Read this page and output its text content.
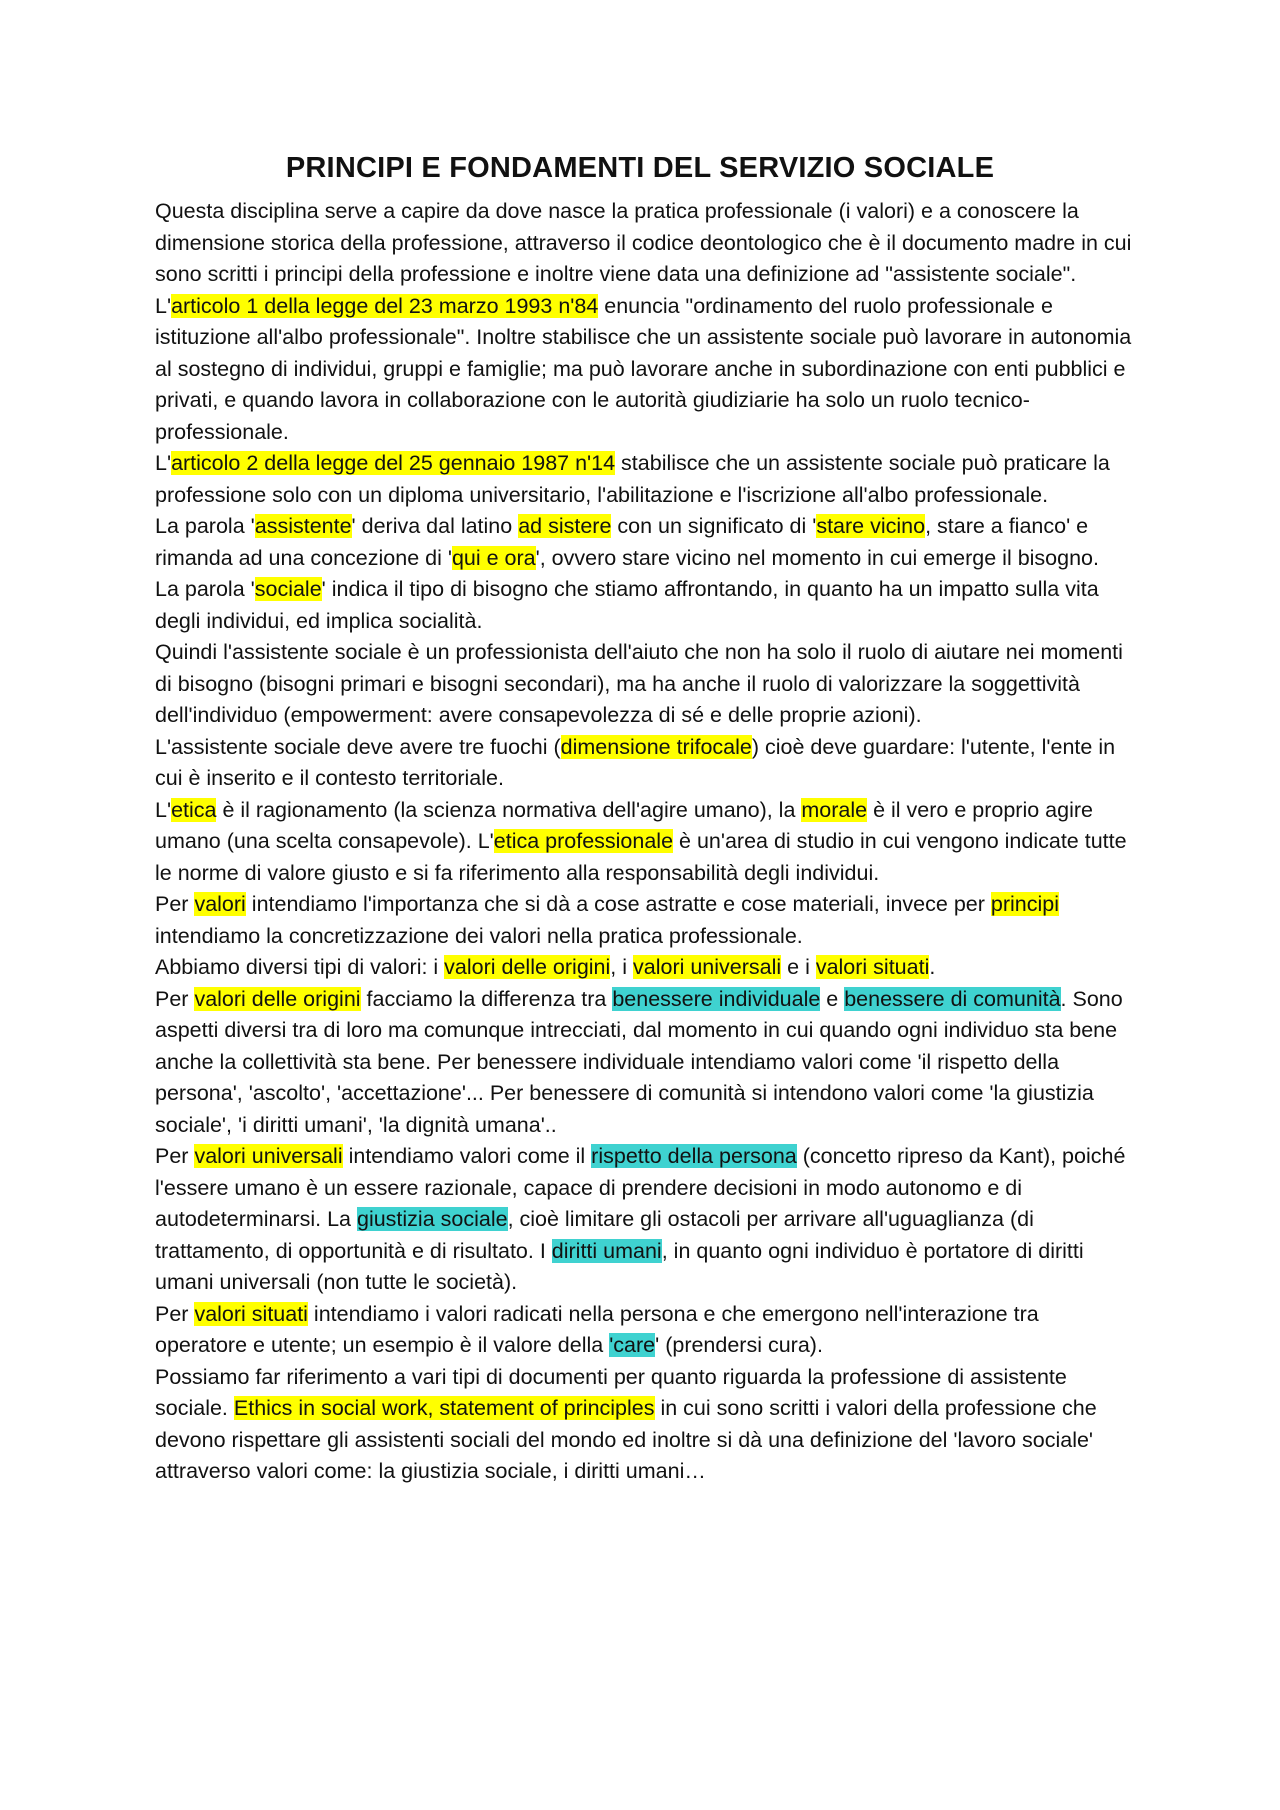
PRINCIPI E FONDAMENTI DEL SERVIZIO SOCIALE

Questa disciplina serve a capire da dove nasce la pratica professionale (i valori) e a conoscere la dimensione storica della professione, attraverso il codice deontologico che è il documento madre in cui sono scritti i principi della professione e inoltre viene data una definizione ad "assistente sociale". L'articolo 1 della legge del 23 marzo 1993 n'84 enuncia "ordinamento del ruolo professionale e istituzione all'albo professionale". Inoltre stabilisce che un assistente sociale può lavorare in autonomia al sostegno di individui, gruppi e famiglie; ma può lavorare anche in subordinazione con enti pubblici e privati, e quando lavora in collaborazione con le autorità giudiziarie ha solo un ruolo tecnico-professionale.

L'articolo 2 della legge del 25 gennaio 1987 n'14 stabilisce che un assistente sociale può praticare la professione solo con un diploma universitario, l'abilitazione e l'iscrizione all'albo professionale.

La parola 'assistente' deriva dal latino ad sistere con un significato di 'stare vicino, stare a fianco' e rimanda ad una concezione di 'qui e ora', ovvero stare vicino nel momento in cui emerge il bisogno.

La parola 'sociale' indica il tipo di bisogno che stiamo affrontando, in quanto ha un impatto sulla vita degli individui, ed implica socialità.

Quindi l'assistente sociale è un professionista dell'aiuto che non ha solo il ruolo di aiutare nei momenti di bisogno (bisogni primari e bisogni secondari), ma ha anche il ruolo di valorizzare la soggettività dell'individuo (empowerment: avere consapevolezza di sé e delle proprie azioni).

L'assistente sociale deve avere tre fuochi (dimensione trifocale) cioè deve guardare: l'utente, l'ente in cui è inserito e il contesto territoriale.

L'etica è il ragionamento (la scienza normativa dell'agire umano), la morale è il vero e proprio agire umano (una scelta consapevole). L'etica professionale è un'area di studio in cui vengono indicate tutte le norme di valore giusto e si fa riferimento alla responsabilità degli individui.

Per valori intendiamo l'importanza che si dà a cose astratte e cose materiali, invece per principi intendiamo la concretizzazione dei valori nella pratica professionale.

Abbiamo diversi tipi di valori: i valori delle origini, i valori universali e i valori situati.

Per valori delle origini facciamo la differenza tra benessere individuale e benessere di comunità. Sono aspetti diversi tra di loro ma comunque intrecciati, dal momento in cui quando ogni individuo sta bene anche la collettività sta bene. Per benessere individuale intendiamo valori come 'il rispetto della persona', 'ascolto', 'accettazione'... Per benessere di comunità si intendono valori come 'la giustizia sociale', 'i diritti umani', 'la dignità umana'..

Per valori universali intendiamo valori come il rispetto della persona (concetto ripreso da Kant), poiché l'essere umano è un essere razionale, capace di prendere decisioni in modo autonomo e di autodeterminarsi. La giustizia sociale, cioè limitare gli ostacoli per arrivare all'uguaglianza (di trattamento, di opportunità e di risultato. I diritti umani, in quanto ogni individuo è portatore di diritti umani universali (non tutte le società).

Per valori situati intendiamo i valori radicati nella persona e che emergono nell'interazione tra operatore e utente; un esempio è il valore della 'care' (prendersi cura).

Possiamo far riferimento a vari tipi di documenti per quanto riguarda la professione di assistente sociale. Ethics in social work, statement of principles in cui sono scritti i valori della professione che devono rispettare gli assistenti sociali del mondo ed inoltre si dà una definizione del 'lavoro sociale' attraverso valori come: la giustizia sociale, i diritti umani…
